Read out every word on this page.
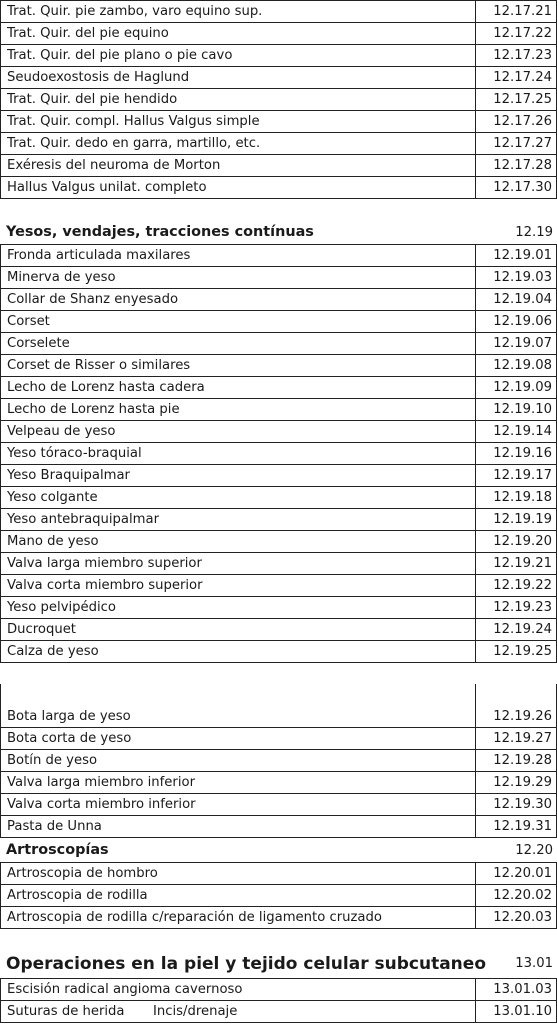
Trat. Quir. pie zambo, varo equino sup.	12.17.21
Trat. Quir. del pie equino	12.17.22
Trat. Quir. del pie plano o pie cavo	12.17.23
Seudoexostosis de Haglund	12.17.24
Trat. Quir. del pie hendido	12.17.25
Trat. Quir. compl. Hallus Valgus simple	12.17.26
Trat. Quir. dedo en garra, martillo, etc.	12.17.27
Exéresis del neuroma de Morton	12.17.28
Hallus Valgus unilat. completo	12.17.30
Yesos, vendajes, tracciones contínuas	12.19
Fronda articulada maxilares	12.19.01
Minerva de yeso	12.19.03
Collar de Shanz enyesado	12.19.04
Corset	12.19.06
Corselete	12.19.07
Corset de Risser o similares	12.19.08
Lecho de Lorenz hasta cadera	12.19.09
Lecho de Lorenz hasta pie	12.19.10
Velpeau de yeso	12.19.14
Yeso tóraco-braquial	12.19.16
Yeso Braquipalmar	12.19.17
Yeso colgante	12.19.18
Yeso antebraquipalmar	12.19.19
Mano de yeso	12.19.20
Valva larga miembro superior	12.19.21
Valva corta miembro superior	12.19.22
Yeso pelvipédico	12.19.23
Ducroquet	12.19.24
Calza de yeso	12.19.25
Bota larga de yeso	12.19.26
Bota corta de yeso	12.19.27
Botín de yeso	12.19.28
Valva larga miembro inferior	12.19.29
Valva corta miembro inferior	12.19.30
Pasta de Unna	12.19.31
Artroscopías	12.20
Artroscopia de hombro	12.20.01
Artroscopia de rodilla	12.20.02
Artroscopia de rodilla c/reparación de ligamento cruzado	12.20.03
Operaciones en la piel y tejido celular subcutaneo 13.01
Escisión radical angioma cavernoso	13.01.03
Suturas de herida Incis/drenaje	13.01.10
